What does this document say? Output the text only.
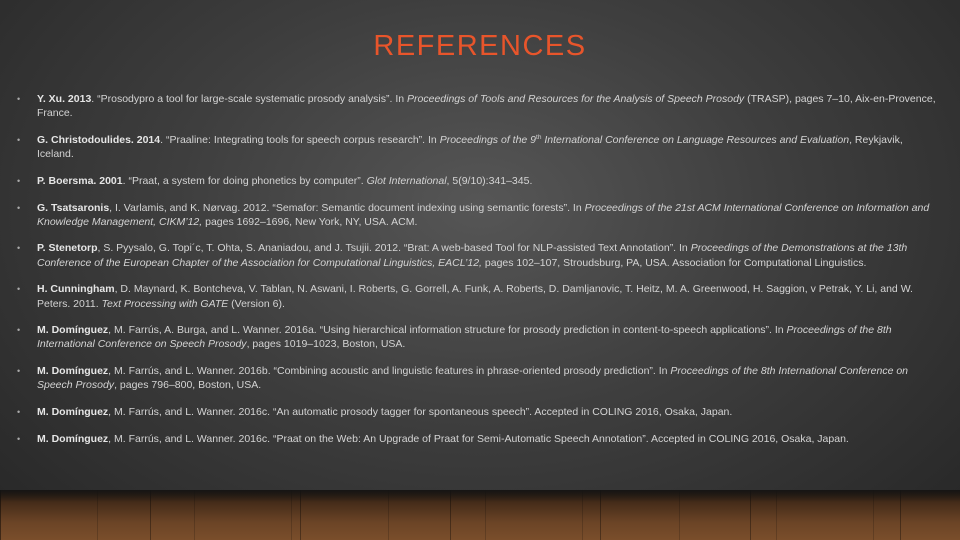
REFERENCES
• Y. Xu. 2013. “Prosodypro a tool for large-scale systematic prosody analysis”. In Proceedings of Tools and Resources for the Analysis of Speech Prosody (TRASP), pages 7–10, Aix-en-Provence, France.
• G. Christodoulides. 2014. “Praaline: Integrating tools for speech corpus research”. In Proceedings of the 9th International Conference on Language Resources and Evaluation, Reykjavik, Iceland.
• P. Boersma. 2001. “Praat, a system for doing phonetics by computer”. Glot International, 5(9/10):341–345.
• G. Tsatsaronis, I. Varlamis, and K. Nørvag. 2012. “Semafor: Semantic document indexing using semantic forests”. In Proceedings of the 21st ACM International Conference on Information and Knowledge Management, CIKM’12, pages 1692–1696, New York, NY, USA. ACM.
• P. Stenetorp, S. Pyysalo, G. Topi´c, T. Ohta, S. Ananiadou, and J. Tsujii. 2012. “Brat: A web-based Tool for NLP-assisted Text Annotation”. In Proceedings of the Demonstrations at the 13th Conference of the European Chapter of the Association for Computational Linguistics, EACL’12, pages 102–107, Stroudsburg, PA, USA. Association for Computational Linguistics.
• H. Cunningham, D. Maynard, K. Bontcheva, V. Tablan, N. Aswani, I. Roberts, G. Gorrell, A. Funk, A. Roberts, D. Damljanovic, T. Heitz, M. A. Greenwood, H. Saggion, v Petrak, Y. Li, and W. Peters. 2011. Text Processing with GATE (Version 6).
• M. Domínguez, M. Farrús, A. Burga, and L. Wanner. 2016a. “Using hierarchical information structure for prosody prediction in content-to-speech applications”. In Proceedings of the 8th International Conference on Speech Prosody, pages 1019–1023, Boston, USA.
• M. Domínguez, M. Farrús, and L. Wanner. 2016b. “Combining acoustic and linguistic features in phrase-oriented prosody prediction”. In Proceedings of the 8th International Conference on Speech Prosody, pages 796–800, Boston, USA.
• M. Domínguez, M. Farrús, and L. Wanner. 2016c. “An automatic prosody tagger for spontaneous speech”. Accepted in COLING 2016, Osaka, Japan.
• M. Domínguez, M. Farrús, and L. Wanner. 2016c. “Praat on the Web: An Upgrade of Praat for Semi-Automatic Speech Annotation”. Accepted in COLING 2016, Osaka, Japan.
